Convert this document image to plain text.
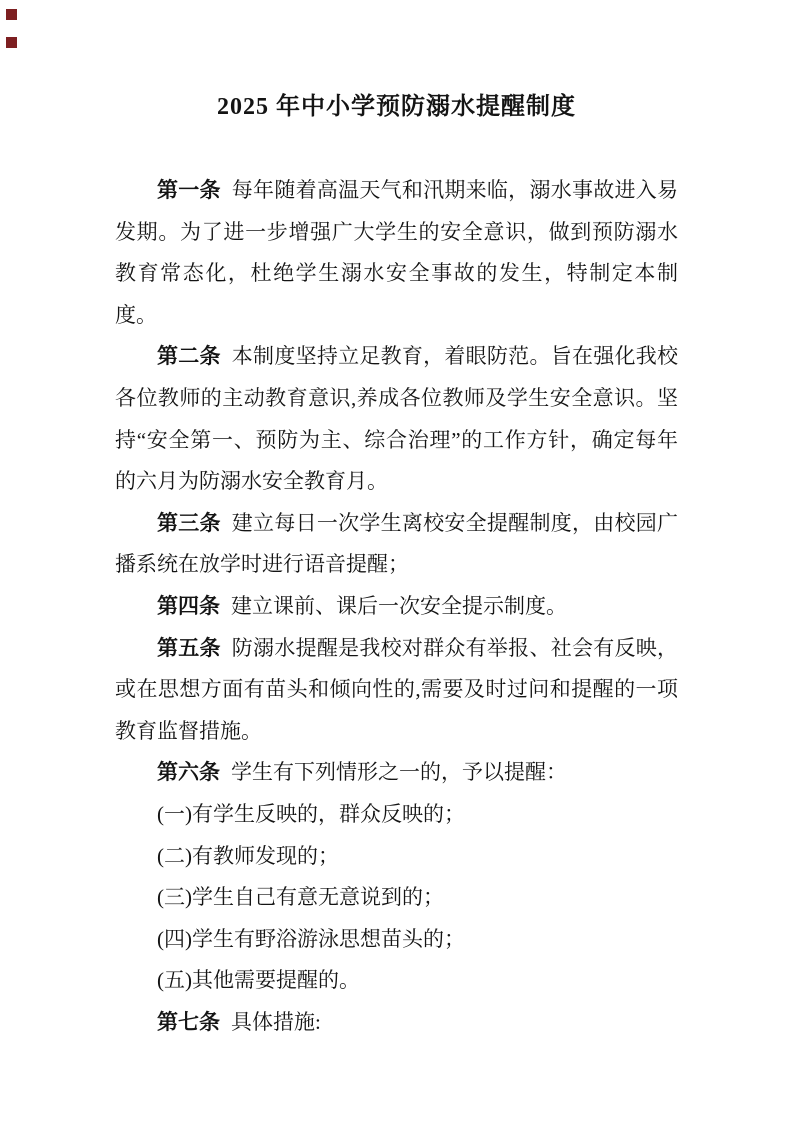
2025 年中小学预防溺水提醒制度

第一条 每年随着高温天气和汛期来临，溺水事故进入易发期。为了进一步增强广大学生的安全意识，做到预防溺水教育常态化，杜绝学生溺水安全事故的发生，特制定本制度。

第二条 本制度坚持立足教育，着眼防范。旨在强化我校各位教师的主动教育意识,养成各位教师及学生安全意识。坚持“安全第一、预防为主、综合治理”的工作方针，确定每年的六月为防溺水安全教育月。

第三条 建立每日一次学生离校安全提醒制度，由校园广播系统在放学时进行语音提醒；

第四条 建立课前、课后一次安全提示制度。

第五条 防溺水提醒是我校对群众有举报、社会有反映，或在思想方面有苗头和倾向性的,需要及时过问和提醒的一项教育监督措施。

第六条 学生有下列情形之一的，予以提醒：

(一)有学生反映的，群众反映的；

(二)有教师发现的；

(三)学生自己有意无意说到的；

(四)学生有野浴游泳思想苗头的；

(五)其他需要提醒的。

第七条 具体措施:
